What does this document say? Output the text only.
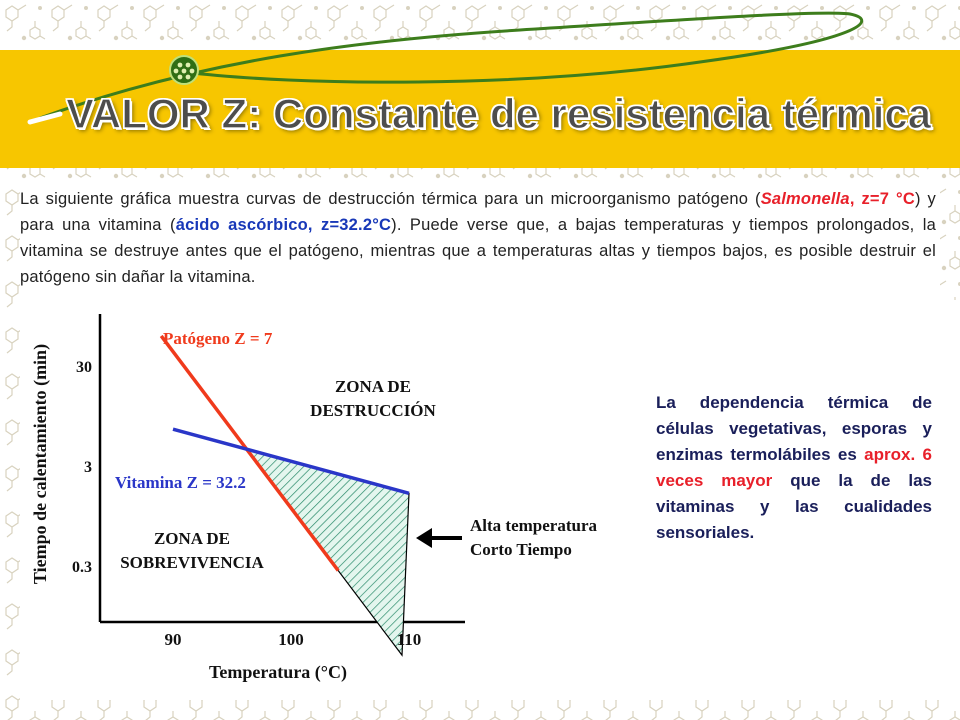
VALOR Z: Constante de resistencia térmica

La siguiente gráfica muestra curvas de destrucción térmica para un microorganismo patógeno (Salmonella, z=7 °C) y para una vitamina (ácido ascórbico, z=32.2°C). Puede verse que, a bajas temperaturas y tiempos prolongados, la vitamina se destruye antes que el patógeno, mientras que a temperaturas altas y tiempos bajos, es posible destruir el patógeno sin dañar la vitamina.

30
3
0.3
90	100	110
Temperatura (°C)
Tiempo de calentamiento (min)
Patógeno Z = 7
Vitamina Z = 32.2
ZONA DE
DESTRUCCIÓN
ZONA DE
SOBREVIVENCIA
Alta temperatura
Corto Tiempo

La dependencia térmica de células vegetativas, esporas y enzimas termolábiles es aprox. 6 veces mayor que la de las vitaminas y las cualidades sensoriales.
